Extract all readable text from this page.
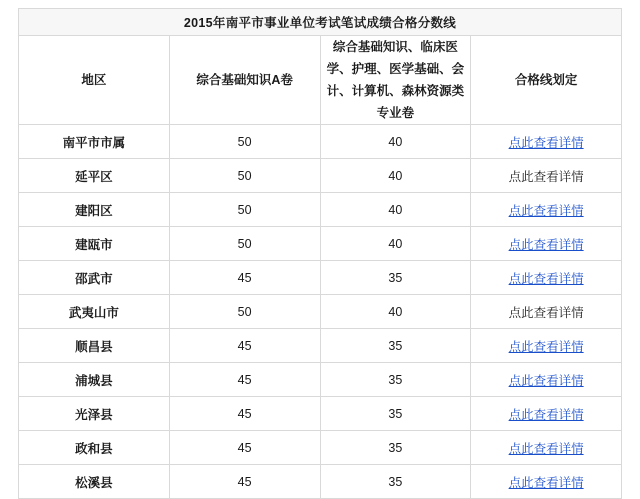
2015年南平市事业单位考试笔试成绩合格分数线			
地区	综合基础知识A卷	综合基础知识、临床医学、护理、医学基础、会计、计算机、森林资源类专业卷	合格线划定
南平市市属	50	40	点此查看详情
延平区	50	40	点此查看详情
建阳区	50	40	点此查看详情
建瓯市	50	40	点此查看详情
邵武市	45	35	点此查看详情
武夷山市	50	40	点此查看详情
顺昌县	45	35	点此查看详情
浦城县	45	35	点此查看详情
光泽县	45	35	点此查看详情
政和县	45	35	点此查看详情
松溪县	45	35	点此查看详情
